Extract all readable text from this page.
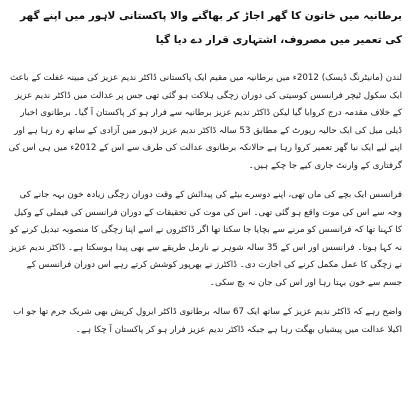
برطانیہ میں خاتون کا گھر اجاڑ کر بھاگنے والا پاکستانی لاہور میں اپنے گھر کی تعمیر میں مصروف، اشتہاری قرار دے دیا گیا

لندن (مانیٹرنگ ڈیسک) 2012ء میں برطانیہ میں مقیم ایک پاکستانی ڈاکٹر ندیم عزیز کی مبینہ غفلت کے باعث ایک سکول ٹیچر فرانسس کوسیتی کی دوران زچگی ہلاکت ہو گئی تھی جس پر عدالت میں ڈاکٹر ندیم عزیز کے خلاف مقدمہ درج کروایا گیا لیکن ڈاکٹر ندیم عزیز برطانیہ سے فرار ہو کر پاکستان آ گیا۔ برطانوی اخبار ڈیلی میل کی ایک حالیہ رپورٹ کے مطابق 53 سالہ ڈاکٹر ندیم عزیز لاہور میں آزادی کے ساتھ رہ رہا ہے اور اپنے لیے ایک نیا گھر تعمیر کروا رہا ہے حالانکہ برطانوی عدالت کی طرف سے اس کے 2012ء میں ہی اس کی گرفتاری کے وارنٹ جاری کیے جا چکے ہیں۔

فرانسس ایک بچے کی ماں تھی، اپنے دوسرے بیٹے کی پیدائش کے وقت دوران زچگی زیادہ خون بہہ جانے کی وجہ سے اس کی موت واقع ہو گئی تھی۔ اس کی موت کی تحقیقات کے دوران فرانسس کی فیملی کے وکیل کا کہنا تھا کہ فرانسس کو مرنے سے بچایا جا سکتا تھا اگر ڈاکٹروں نے اسے اپنا زچگی کا منصوبہ تبدیل کرنے کو نہ کہا ہوتا۔ فرانسس اور اس کے 35 سالہ شوہر نے نارمل طریقے سے بھی پیدا ہوسکتا ہے۔ ڈاکٹر ندیم عزیز نے زچگی کا عمل مکمل کرنے کی اجازت دی۔ ڈاکٹرز نے بھرپور کوشش کرتے رہے اس دوران فرانسس کے جسم سے خون بہتا رہا اور اس کی جان نہ بچ سکی۔

واضح رہے کہ ڈاکٹر ندیم عزیز کے ساتھ ایک 67 سالہ برطانوی ڈاکٹر ایرول کریش بھی شریک جرم تھا جو اب اکیلا عدالت میں پیشیاں بھگت رہا ہے جبکہ ڈاکٹر ندیم عزیز فرار ہو کر پاکستان آ چکا ہے۔
